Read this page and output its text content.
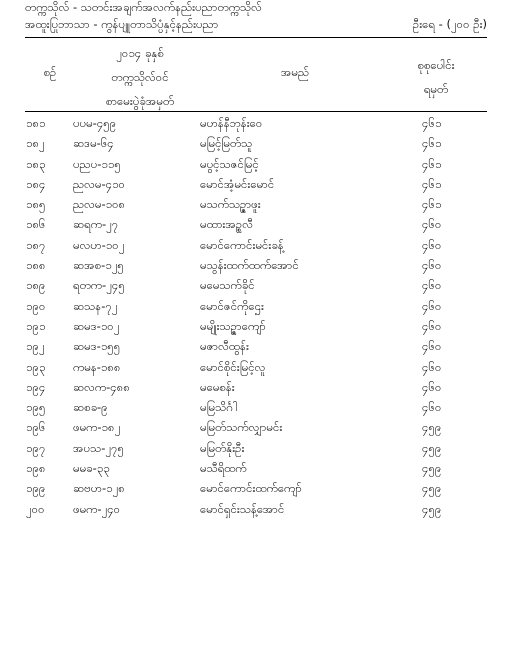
တက္ကသိုလ် - သတင်းအချက်အလက်နည်းပညာတက္ကသိုလ်
အထူးပြုဘာသာ - ကွန်ပျူတာသိပ္ပံနှင့်နည်းပညာ	ဦးရေ - (၂၀၀ ဦး)
စဉ်
၂၀၁၄ ခုနှစ်
တက္ကသိုလ်ဝင်
စာမေးပွဲခုံအမှတ်
အမည်	စုစုပေါင်း
ရမှတ်
၁၈၁ ပပမ-၄၅၉	မဟန်နီဘုန်းဝေ	၄၆၁
၁၈၂ ဆဒမ-၆၄	မမြင့်မြတ်သူ	၄၆၁
၁၈၃ ပညပ-၁၁၅	မပွင့်သဇင်မြင့်	၄၆၁
၁၈၄ ညလမ-၄၁၀	မောင်အံ့မင်းမောင်	၄၆၁
၁၈၅ ညလမ-၁၀၈	မသက်သဉ္ဇာဖူး	၄၆၁
၁၈၆ ဆရက-၂၇	မထားအဥ္စလီ	၄၆၀
၁၈၇ မလဟ-၁၀၂	မောင်ကောင်းမင်းခန့်	၄၆၀
၁၈၈ ဆအစ-၁၂၅	မသွန်းထက်ထက်အောင်	၄၆၀
၁၈၉ ရတက-၂၄၅	မမေသက်ခိုင်	၄၆၀
၁၉၀ ဆသန-၇၂	မောင်ဇင်ကိုဌေး	၄၆၀
၁၉၁ ဆမဒ-၁၀၂	မမျိုးသဉ္ဇာကျော်	၄၆၀
၁၉၂ ဆမဒ-၁၅၅	မဇာလီထွန်း	၄၆၀
၁၉၃ ကမန-၁၈၈	မောင်စိုင်းမြင့်လူ	၄၆၀
၁၉၄ ဆလက-၄၈၈	မမေစန်း	၄၆၀
၁၉၅ ဆစခ-၉	မမြသိင်္ဂါ	၄၆၀
၁၉၆ ဖမက-၁၈၂	မမြတ်သက်လျှာမင်း	၄၅၉
၁၉၇ အပသ-၂၇၅	မမြတ်နိုးဦး	၄၅၉
၁၉၈ မမခ-၃၃	မသီရိထက်	၄၅၉
၁၉၉ ဆဗဟ-၁၂၈	မောင်ကောင်းထက်ကျော်	၄၅၉
၂၀၀ ဖမက-၂၄၀	မောင်ရှင်းသန့်အောင်	၄၅၉
